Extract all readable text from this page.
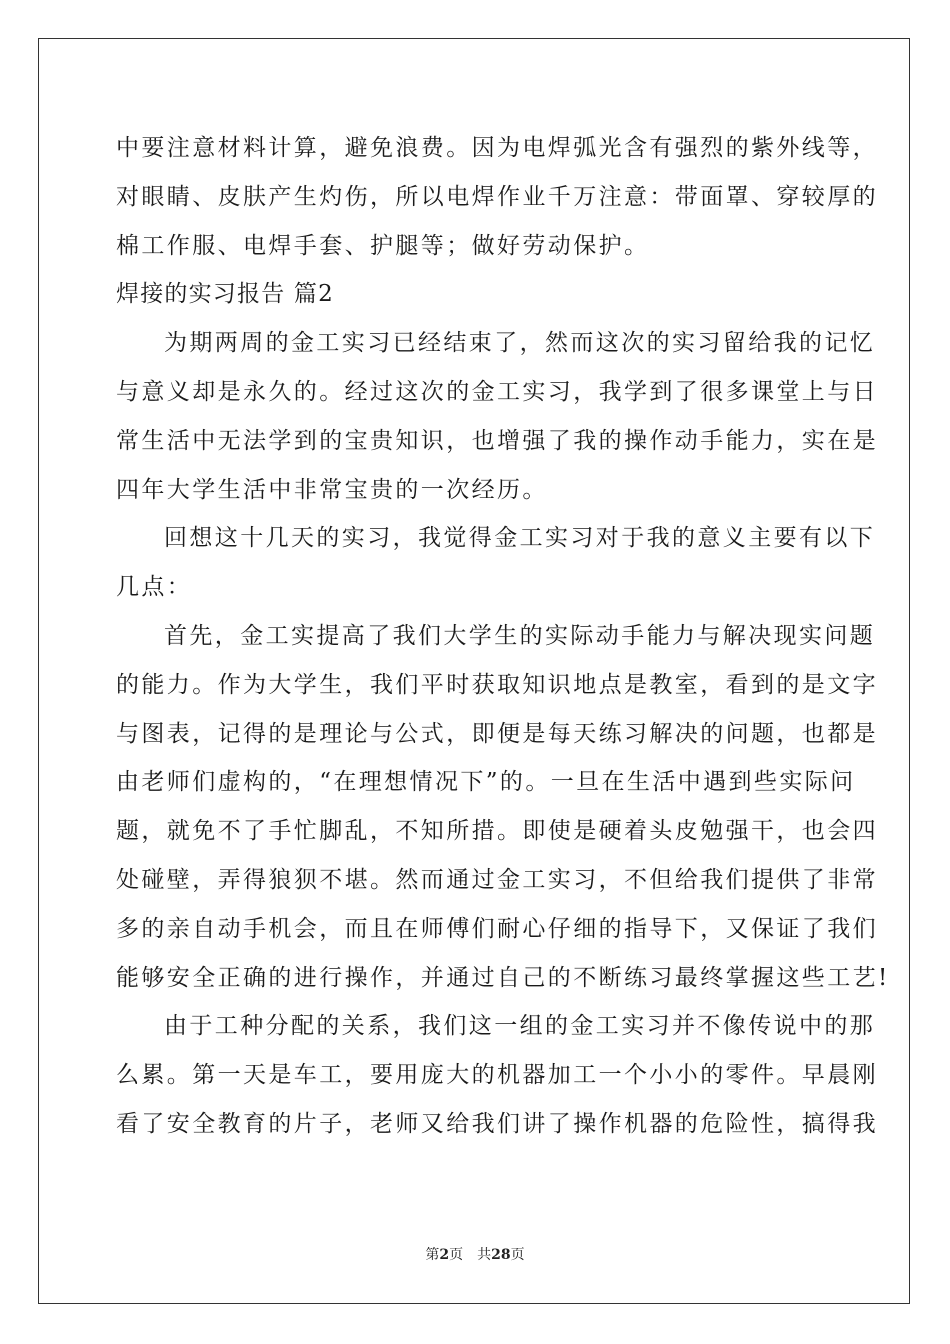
中要注意材料计算，避免浪费。因为电焊弧光含有强烈的紫外线等，
对眼睛、皮肤产生灼伤，所以电焊作业千万注意：带面罩、穿较厚的
棉工作服、电焊手套、护腿等；做好劳动保护。
焊接的实习报告 篇2
为期两周的金工实习已经结束了，然而这次的实习留给我的记忆
与意义却是永久的。经过这次的金工实习，我学到了很多课堂上与日
常生活中无法学到的宝贵知识，也增强了我的操作动手能力，实在是
四年大学生活中非常宝贵的一次经历。
回想这十几天的实习，我觉得金工实习对于我的意义主要有以下
几点：
首先，金工实提高了我们大学生的实际动手能力与解决现实问题
的能力。作为大学生，我们平时获取知识地点是教室，看到的是文字
与图表，记得的是理论与公式，即便是每天练习解决的问题，也都是
由老师们虚构的，“在理想情况下”的。一旦在生活中遇到些实际问
题，就免不了手忙脚乱，不知所措。即使是硬着头皮勉强干，也会四
处碰壁，弄得狼狈不堪。然而通过金工实习，不但给我们提供了非常
多的亲自动手机会，而且在师傅们耐心仔细的指导下，又保证了我们
能够安全正确的进行操作，并通过自己的不断练习最终掌握这些工艺!
由于工种分配的关系，我们这一组的金工实习并不像传说中的那
么累。第一天是车工，要用庞大的机器加工一个小小的零件。早晨刚
看了安全教育的片子，老师又给我们讲了操作机器的危险性，搞得我
第2页　共28页
